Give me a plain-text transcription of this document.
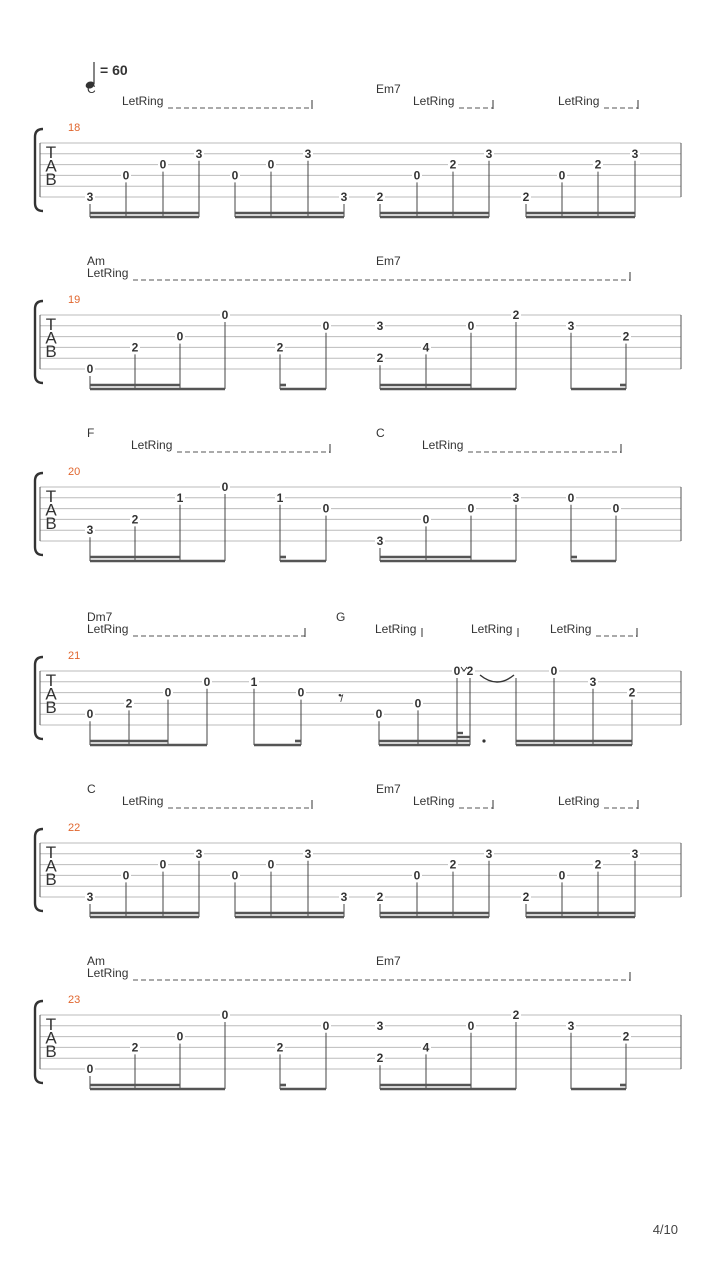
= 60
T
A
B
18
C	Em7
LetRing	LetRing	LetRing
3
0
0
3
0
0
3
3 2
0
2
3
2
0
2
3
T
A
B
19
Am	Em7
LetRing
0
2
0
0
2
0
2
3
4
0
2
3
2
T
A
B
20
F	C
LetRing	LetRing
3
2
1
0
1
0
3
0
0
3	0
0
T
A
B
21
Dm7	G
LetRing	LetRing	LetRing	LetRing
0
2
0
0	1
0
0
0
0 2	0
3
2
𝄾
T
A
B
22
C	Em7
LetRing	LetRing	LetRing
3
0
0
3
0
0
3
3 2
0
2
3
2
0
2
3
T
A
B
23
Am	Em7
LetRing
0
2
0
0
2
0
2
3
4
0
2
3
2
4/10
